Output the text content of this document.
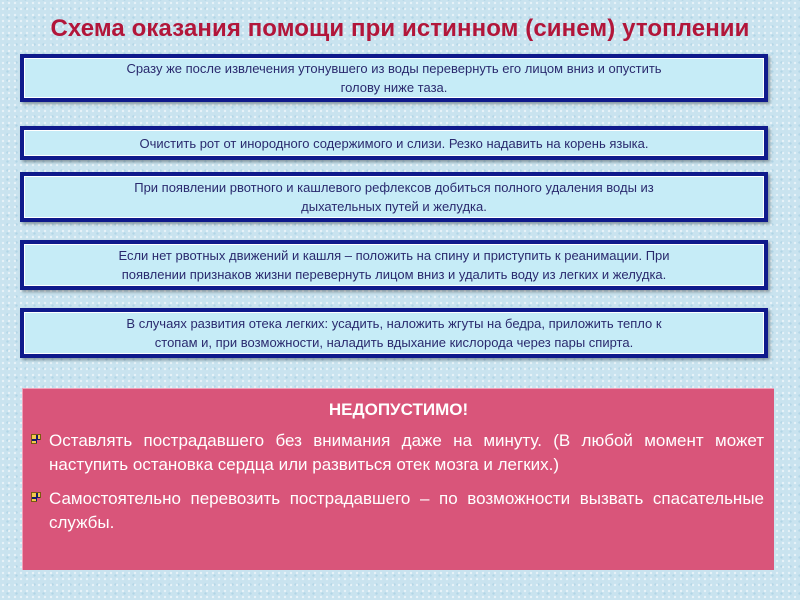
Схема оказания помощи при истинном (синем) утоплении
Сразу же после извлечения утонувшего из воды перевернуть его лицом вниз и опустить
голову ниже таза.
Очистить рот от инородного содержимого и слизи. Резко надавить на корень языка.
При появлении рвотного и кашлевого рефлексов добиться полного удаления воды из
дыхательных путей и желудка.
Если нет рвотных движений и кашля – положить на спину и приступить к реанимации. При
появлении признаков жизни перевернуть лицом вниз и удалить воду из легких и желудка.
В случаях развития отека легких: усадить, наложить жгуты на бедра, приложить тепло к
стопам и, при возможности, наладить вдыхание кислорода через пары спирта.
НЕДОПУСТИМО!
Оставлять пострадавшего без внимания даже на минуту. (В любой момент может наступить остановка сердца или развиться отек мозга и легких.)
Самостоятельно перевозить пострадавшего – по возможности вызвать спасательные службы.
